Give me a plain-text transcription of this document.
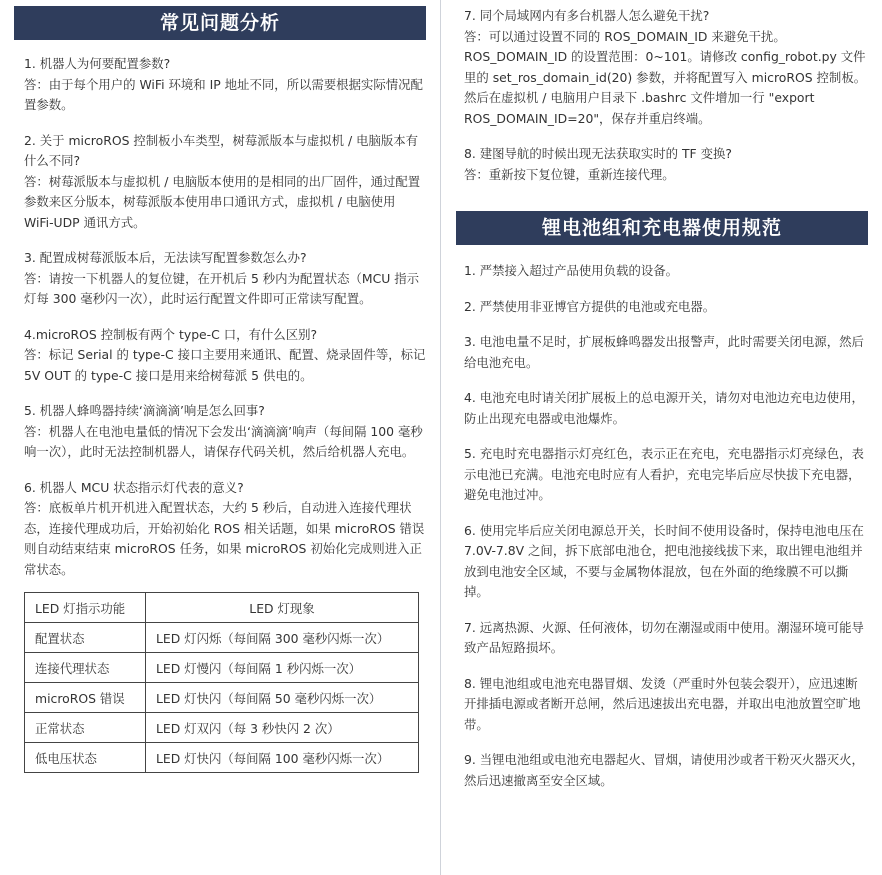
常见问题分析

1. 机器人为何要配置参数?

答：由于每个用户的 WiFi 环境和 IP 地址不同，所以需要根据实际情况配置参数。

2. 关于 microROS 控制板小车类型，树莓派版本与虚拟机 / 电脑版本有什么不同?

答：树莓派版本与虚拟机 / 电脑版本使用的是相同的出厂固件，通过配置参数来区分版本，树莓派版本使用串口通讯方式，虚拟机 / 电脑使用 WiFi-UDP 通讯方式。

3. 配置成树莓派版本后，无法读写配置参数怎么办?

答：请按一下机器人的复位键，在开机后 5 秒内为配置状态（MCU 指示灯每 300 毫秒闪一次），此时运行配置文件即可正常读写配置。

4.microROS 控制板有两个 type-C 口，有什么区别?

答：标记 Serial 的 type-C 接口主要用来通讯、配置、烧录固件等，标记 5V OUT 的 type-C 接口是用来给树莓派 5 供电的。

5. 机器人蜂鸣器持续‘滴滴滴’响是怎么回事?

答：机器人在电池电量低的情况下会发出‘滴滴滴’响声（每间隔 100 毫秒响一次），此时无法控制机器人，请保存代码关机，然后给机器人充电。

6. 机器人 MCU 状态指示灯代表的意义?

答：底板单片机开机进入配置状态，大约 5 秒后，自动进入连接代理状态，连接代理成功后，开始初始化 ROS 相关话题，如果 microROS 错误则自动结束结束 microROS 任务，如果 microROS 初始化完成则进入正常状态。

LED 灯指示功能	LED 灯现象
配置状态	LED 灯闪烁（每间隔 300 毫秒闪烁一次）
连接代理状态	LED 灯慢闪（每间隔 1 秒闪烁一次）
microROS 错误	LED 灯快闪（每间隔 50 毫秒闪烁一次）
正常状态	LED 灯双闪（每 3 秒快闪 2 次）
低电压状态	LED 灯快闪（每间隔 100 毫秒闪烁一次）

7. 同个局域网内有多台机器人怎么避免干扰?

答：可以通过设置不同的 ROS_DOMAIN_ID 来避免干扰。ROS_DOMAIN_ID 的设置范围：0~101。请修改 config_robot.py 文件里的 set_ros_domain_id(20) 参数，并将配置写入 microROS 控制板。然后在虚拟机 / 电脑用户目录下 .bashrc 文件增加一行 "export ROS_DOMAIN_ID=20"，保存并重启终端。

8. 建图导航的时候出现无法获取实时的 TF 变换?

答：重新按下复位键，重新连接代理。

锂电池组和充电器使用规范

1. 严禁接入超过产品使用负载的设备。

2. 严禁使用非亚博官方提供的电池或充电器。

3. 电池电量不足时，扩展板蜂鸣器发出报警声，此时需要关闭电源，然后给电池充电。

4. 电池充电时请关闭扩展板上的总电源开关，请勿对电池边充电边使用，防止出现充电器或电池爆炸。

5. 充电时充电器指示灯亮红色，表示正在充电，充电器指示灯亮绿色，表示电池已充满。电池充电时应有人看护，充电完毕后应尽快拔下充电器，避免电池过冲。

6. 使用完毕后应关闭电源总开关，长时间不使用设备时，保持电池电压在 7.0V-7.8V 之间，拆下底部电池仓，把电池接线拔下来，取出锂电池组并放到电池安全区域，不要与金属物体混放，包在外面的绝缘膜不可以撕掉。

7. 远离热源、火源、任何液体，切勿在潮湿或雨中使用。潮湿环境可能导致产品短路损坏。

8. 锂电池组或电池充电器冒烟、发烫（严重时外包装会裂开），应迅速断开排插电源或者断开总闸，然后迅速拔出充电器，并取出电池放置空旷地带。

9. 当锂电池组或电池充电器起火、冒烟，请使用沙或者干粉灭火器灭火，然后迅速撤离至安全区域。
